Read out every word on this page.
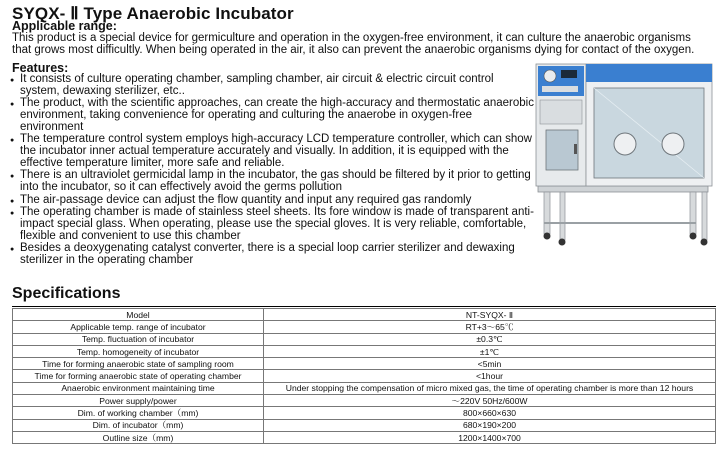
SYQX- Ⅱ Type Anaerobic Incubator
Applicable range:
This product is a special device for germiculture and operation in the oxygen-free environment, it can culture the anaerobic organisms that grows most difficultly. When being operated in the air, it also can prevent the anaerobic organisms dying for contact of the oxygen.
Features:
● It consists of culture operating chamber, sampling chamber, air circuit & electric circuit control system, dewaxing sterilizer, etc..
● The product, with the scientific approaches, can create the high-accuracy and thermostatic anaerobic environment, taking convenience for operating and culturing the anaerobe in oxygen-free environment
● The temperature control system employs high-accuracy LCD temperature controller, which can show the incubator inner actual temperature accurately and visually. In addition, it is equipped with the effective temperature limiter, more safe and reliable.
● There is an ultraviolet germicidal lamp in the incubator, the gas should be filtered by it prior to getting into the incubator, so it can effectively avoid the germs pollution
● The air-passage device can adjust the flow quantity and input any required gas randomly
● The operating chamber is made of stainless steel sheets. Its fore window is made of transparent anti-impact special glass. When operating, please use the special gloves. It is very reliable, comfortable, flexible and convenient to use this chamber
● Besides a deoxygenating catalyst converter, there is a special loop carrier sterilizer and dewaxing sterilizer in the operating chamber
Specifications
Model	NT-SYQX- Ⅱ
Applicable temp. range of incubator	RT+3～65℃
Temp. fluctuation of incubator	±0.3℃
Temp. homogeneity of incubator	±1℃
Time for forming anaerobic state of sampling room	<5min
Time for forming anaerobic state of operating chamber	<1hour
Anaerobic environment maintaining time	Under stopping the compensation of micro mixed gas, the time of operating chamber is more than 12 hours
Power supply/power	～220V 50Hz/600W
Dim. of working chamber（mm)	800×660×630
Dim. of incubator（mm)	680×190×200
Outline size（mm)	1200×1400×700
